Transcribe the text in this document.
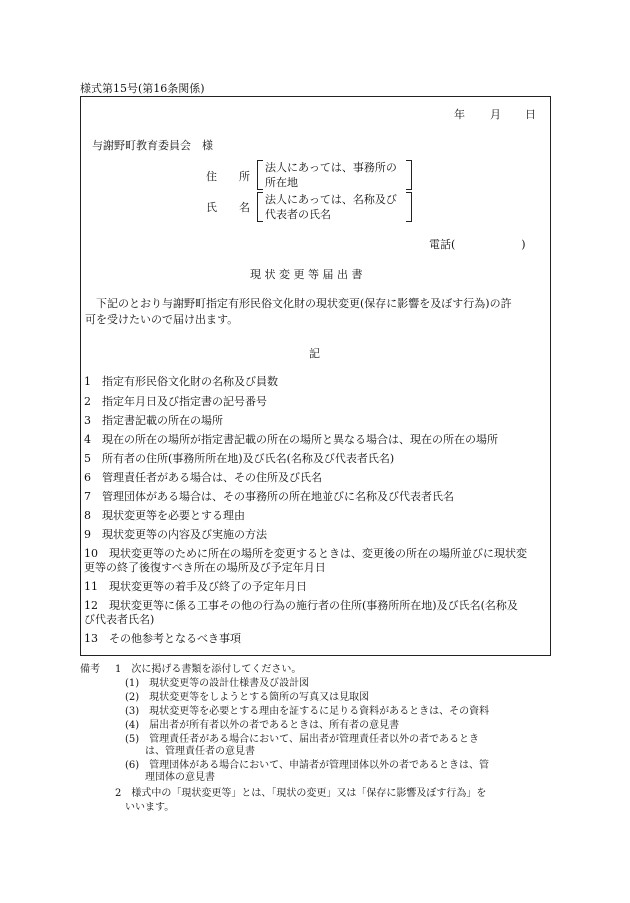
様式第15号(第16条関係)
年 月 日
与謝野町教育委員会　様
住　　所
法人にあっては、事務所の
所在地
氏　　名
法人にあっては、名称及び
代表者の氏名
電話(　　　　　　)
現 状 変 更 等 届 出 書
下記のとおり与謝野町指定有形民俗文化財の現状変更(保存に影響を及ぼす行為)の許
可を受けたいので届け出ます。
記
1　指定有形民俗文化財の名称及び員数
2　指定年月日及び指定書の記号番号
3　指定書記載の所在の場所
4　現在の所在の場所が指定書記載の所在の場所と異なる場合は、現在の所在の場所
5　所有者の住所(事務所所在地)及び氏名(名称及び代表者氏名)
6　管理責任者がある場合は、その住所及び氏名
7　管理団体がある場合は、その事務所の所在地並びに名称及び代表者氏名
8　現状変更等を必要とする理由
9　現状変更等の内容及び実施の方法
10　現状変更等のために所在の場所を変更するときは、変更後の所在の場所並びに現状変
更等の終了後復すべき所在の場所及び予定年月日
11　現状変更等の着手及び終了の予定年月日
12　現状変更等に係る工事その他の行為の施行者の住所(事務所所在地)及び氏名(名称及
び代表者氏名)
13　その他参考となるべき事項
備考 1　次に掲げる書類を添付してください。
(1)　現状変更等の設計仕様書及び設計図
(2)　現状変更等をしようとする箇所の写真又は見取図
(3)　現状変更等を必要とする理由を証するに足りる資料があるときは、その資料
(4)　届出者が所有者以外の者であるときは、所有者の意見書
(5)　管理責任者がある場合において、届出者が管理責任者以外の者であるとき
は、管理責任者の意見書
(6)　管理団体がある場合において、申請者が管理団体以外の者であるときは、管
理団体の意見書
2　様式中の「現状変更等」とは、「現状の変更」又は「保存に影響及ぼす行為」を
いいます。
